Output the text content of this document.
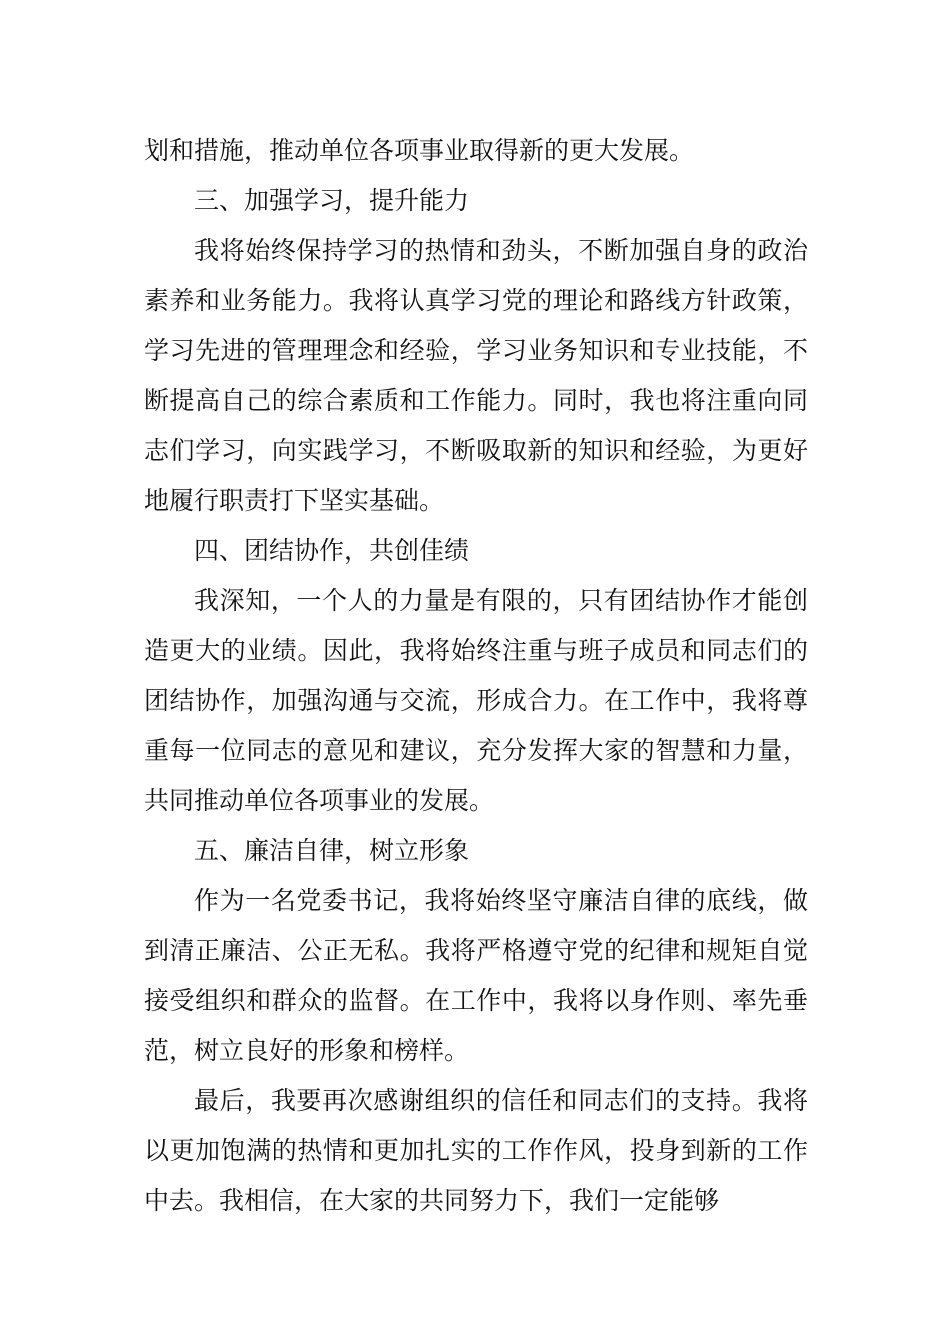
划和措施，推动单位各项事业取得新的更大发展。

三、加强学习，提升能力

我将始终保持学习的热情和劲头，不断加强自身的政治素养和业务能力。我将认真学习党的理论和路线方针政策，学习先进的管理理念和经验，学习业务知识和专业技能，不断提高自己的综合素质和工作能力。同时，我也将注重向同志们学习，向实践学习，不断吸取新的知识和经验，为更好地履行职责打下坚实基础。

四、团结协作，共创佳绩

我深知，一个人的力量是有限的，只有团结协作才能创造更大的业绩。因此，我将始终注重与班子成员和同志们的团结协作，加强沟通与交流，形成合力。在工作中，我将尊重每一位同志的意见和建议，充分发挥大家的智慧和力量，共同推动单位各项事业的发展。

五、廉洁自律，树立形象

作为一名党委书记，我将始终坚守廉洁自律的底线，做到清正廉洁、公正无私。我将严格遵守党的纪律和规矩自觉接受组织和群众的监督。在工作中，我将以身作则、率先垂范，树立良好的形象和榜样。

最后，我要再次感谢组织的信任和同志们的支持。我将以更加饱满的热情和更加扎实的工作作风，投身到新的工作中去。我相信，在大家的共同努力下，我们一定能够
